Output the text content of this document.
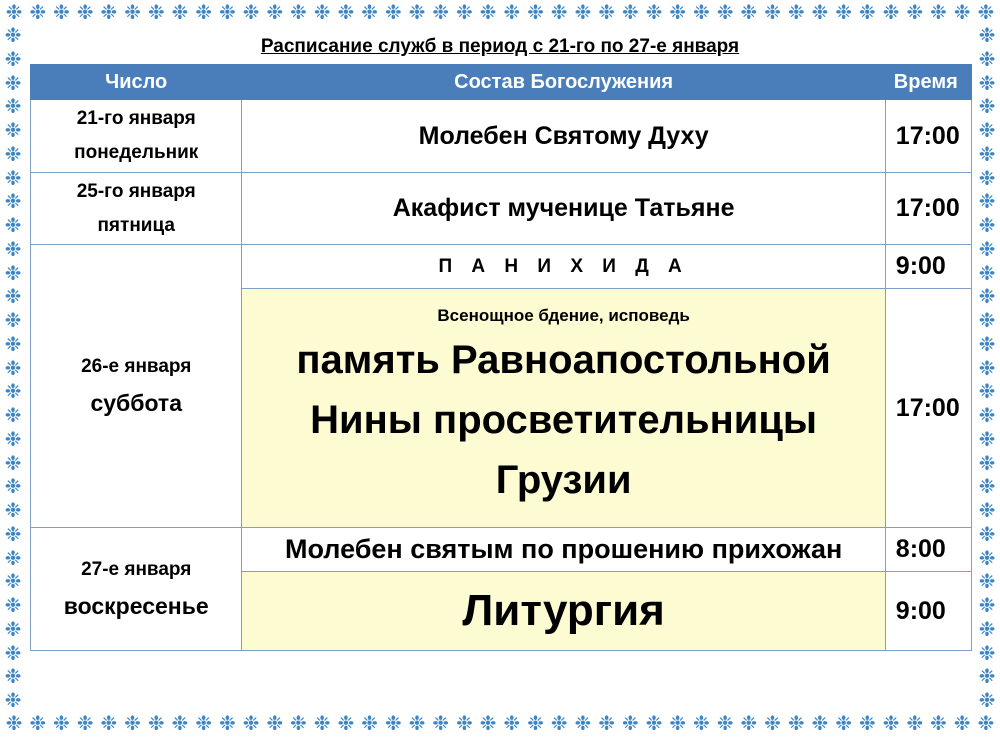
❉ ❉ ❉ ❉ ❉ ❉ ❉ ❉ ❉ ❉ ❉ ❉ ❉ ❉ ❉ ❉ ❉ ❉ ❉ ❉ ❉ ❉ ❉ ❉ ❉ ❉ ❉ ❉ ❉ ❉ ❉ ❉ ❉ ❉ ❉ ❉ ❉ ❉ ❉ ❉ ❉ ❉
❉ ❉ ❉ ❉ ❉ ❉ ❉ ❉ ❉ ❉ ❉ ❉ ❉ ❉ ❉ ❉ ❉ ❉ ❉ ❉ ❉ ❉ ❉ ❉ ❉ ❉ ❉ ❉ ❉ ❉ ❉ ❉ ❉ ❉ ❉ ❉ ❉ ❉ ❉ ❉ ❉ ❉
❉
❉
❉
❉
❉
❉
❉
❉
❉
❉
❉
❉
❉
❉
❉
❉
❉
❉
❉
❉
❉
❉
❉
❉
❉
❉
❉
❉
❉
❉
❉
❉
❉
❉
❉
❉
❉
❉
❉
❉
❉
❉
❉
❉
❉
❉
❉
❉
❉
❉
❉
❉
❉
❉
❉
❉
❉
❉
Расписание служб в период с 21-го по 27-е января
Число	Состав Богослужения	Время

21-го января
понедельник	Молебен Святому Духу	17:00

25-го января
пятница	Акафист мученице Татьяне	17:00

26-е января
суббота	П А Н И Х И Д А	9:00

	Всенощное бдение, исповедь
память Равноапостольной Нины просветительницы Грузии	17:00

27-е января
воскресенье	Молебен святым по прошению прихожан	8:00
	Литургия	9:00
